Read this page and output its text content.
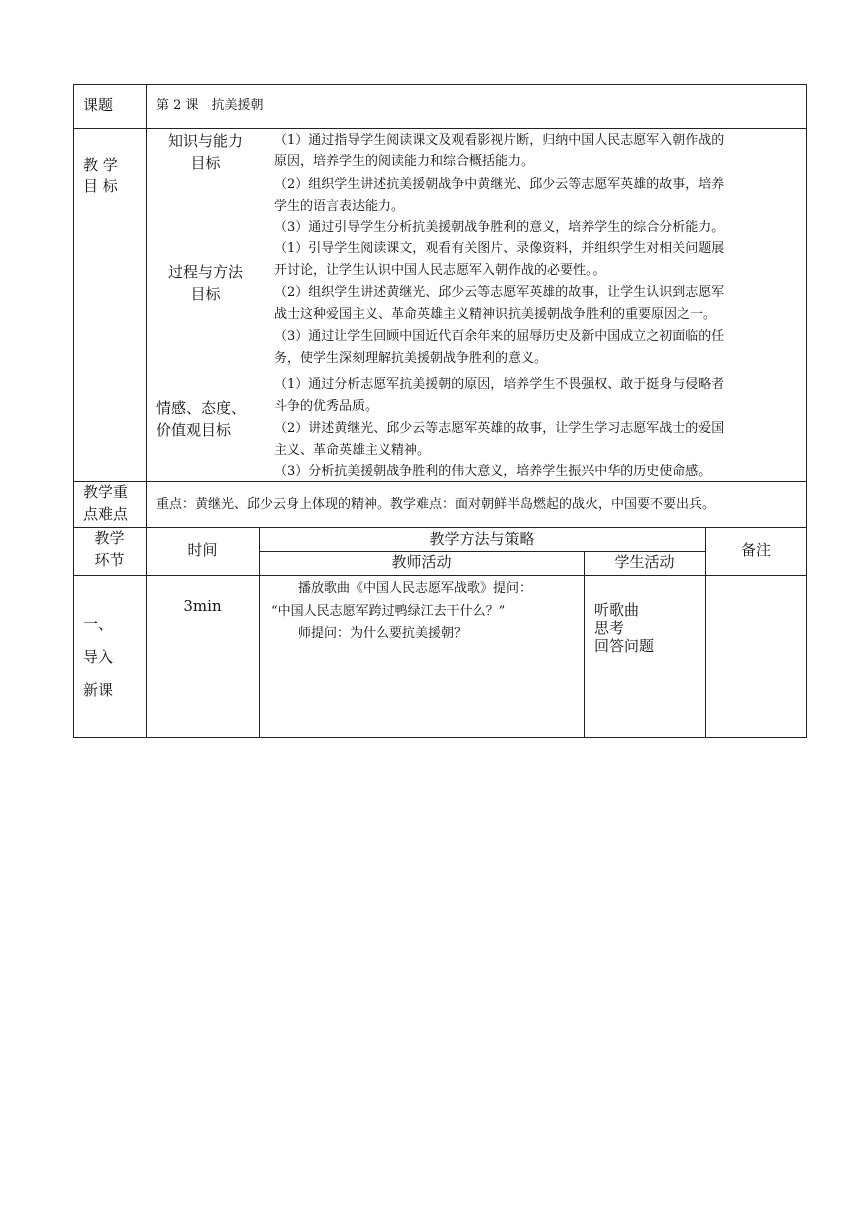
课题	第 2 课　抗美援朝
教 学
目 标
知识与能力
目标
（1）通过指导学生阅读课文及观看影视片断，归纳中国人民志愿军入朝作战的
原因，培养学生的阅读能力和综合概括能力。
（2）组织学生讲述抗美援朝战争中黄继光、邱少云等志愿军英雄的故事，培养
学生的语言表达能力。
（3）通过引导学生分析抗美援朝战争胜利的意义，培养学生的综合分析能力。
过程与方法
目标
（1）引导学生阅读课文，观看有关图片、录像资料，并组织学生对相关问题展
开讨论，让学生认识中国人民志愿军入朝作战的必要性。。
（2）组织学生讲述黄继光、邱少云等志愿军英雄的故事，让学生认识到志愿军
战士这种爱国主义、革命英雄主义精神识抗美援朝战争胜利的重要原因之一。
（3）通过让学生回顾中国近代百余年来的屈辱历史及新中国成立之初面临的任
务，使学生深刻理解抗美援朝战争胜利的意义。
情感、态度、
价值观目标
（1）通过分析志愿军抗美援朝的原因，培养学生不畏强权、敢于挺身与侵略者
斗争的优秀品质。
（2）讲述黄继光、邱少云等志愿军英雄的故事，让学生学习志愿军战士的爱国
主义、革命英雄主义精神。
（3）分析抗美援朝战争胜利的伟大意义，培养学生振兴中华的历史使命感。
教学重
点难点
重点：黄继光、邱少云身上体现的精神。教学难点：面对朝鲜半岛燃起的战火，中国要不要出兵。
教学
环节
时间
教学方法与策略
教师活动	学生活动
备注
一、
导入
新课
3min
播放歌曲《中国人民志愿军战歌》提问：
“中国人民志愿军跨过鸭绿江去干什么？”
师提问：为什么要抗美援朝？
听歌曲
思考
回答问题
